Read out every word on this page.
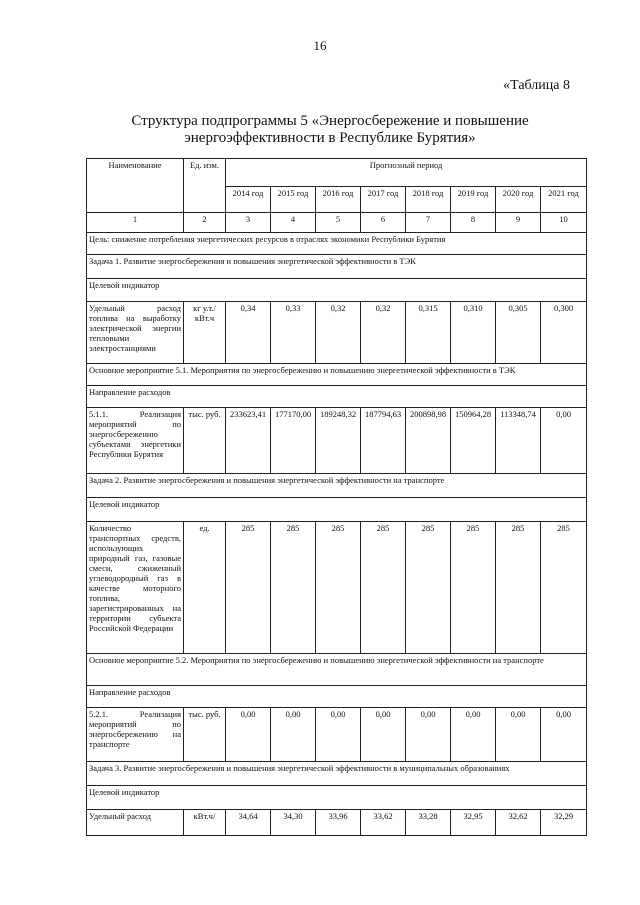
16
«Таблица 8
Структура подпрограммы 5 «Энергосбережение и повышение энергоэффективности в Республике Бурятия»
Наименование	Ед. изм.	Прогнозный период							
		2014 год	2015 год	2016 год	2017 год	2018 год	2019 год	2020 год	2021 год
1	2	3	4	5	6	7	8	9	10
Цель: снижение потребления энергетических ресурсов в отраслях экономики Республики Бурятия									
Задача 1. Развитие энергосбережения и повышения энергетической эффективности в ТЭК									
Целевой индикатор									
Удельный расход топлива на выработку электрической энергии тепловыми электростанциями	кг у.т./кВт.ч	0,34	0,33	0,32	0,32	0,315	0,310	0,305	0,300
Основное мероприятие 5.1. Мероприятия по энергосбережению и повышению энергетической эффективности в ТЭК									
Направление расходов									
5.1.1. Реализация мероприятий по энергосбережению субъектами энергетики Республики Бурятия	тыс. руб.	233623,41	177170,00	189248,32	187794,63	200898,98	150964,28	113348,74	0,00
Задача 2. Развитие энергосбережения и повышения энергетической эффективности на транспорте									
Целевой индикатор									
Количество транспортных средств, использующих природный газ, газовые смеси, сжиженный углеводородный газ в качестве моторного топлива, зарегистрированных на территории субъекта Российской Федерации	ед.	285	285	285	285	285	285	285	285
Основное мероприятие 5.2. Мероприятия по энергосбережению и повышению энергетической эффективности на транспорте									
Направление расходов									
5.2.1. Реализация мероприятий по энергосбережению на транспорте	тыс. руб.	0,00	0,00	0,00	0,00	0,00	0,00	0,00	0,00
Задача 3. Развитие энергосбережения и повышения энергетической эффективности в муниципальных образованиях									
Целевой индикатор									
Удельный расход	кВт.ч/	34,64	34,30	33,96	33,62	33,28	32,95	32,62	32,29
